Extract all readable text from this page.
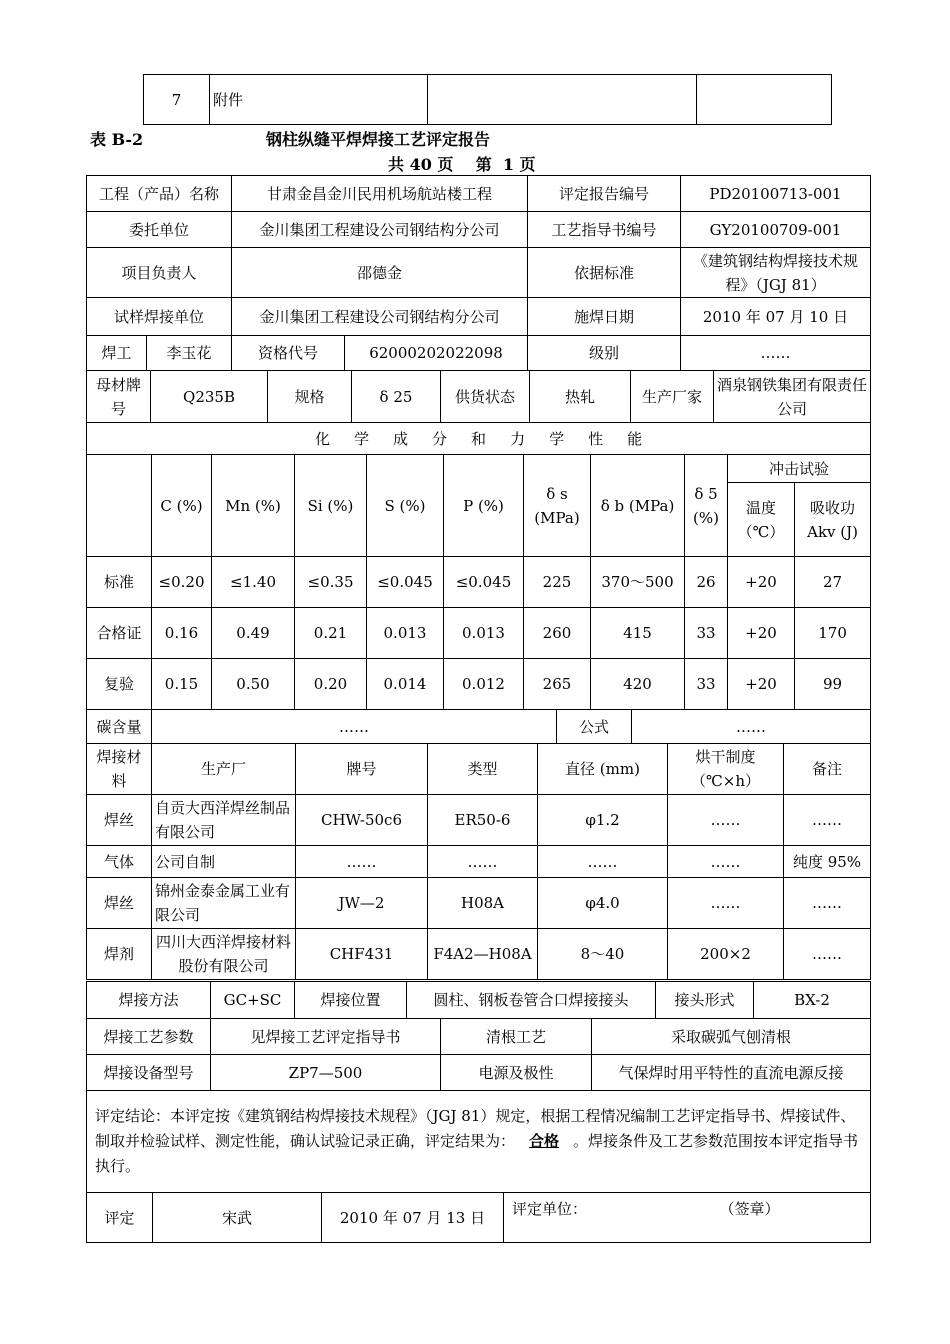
7	附件		
表 B-2	钢柱纵缝平焊焊接工艺评定报告
共 40 页    第  1 页
工程（产品）名称	甘肃金昌金川民用机场航站楼工程	评定报告编号	PD20100713-001
委托单位	金川集团工程建设公司钢结构分公司	工艺指导书编号	GY20100709-001
项目负责人	邵德金	依据标准	《建筑钢结构焊接技术规程》（JGJ 81）
试样焊接单位	金川集团工程建设公司钢结构分公司	施焊日期	2010 年 07 月 10 日
焊工	李玉花	资格代号	62000202022098	级别	……
母材牌号	Q235B	规格	δ 25	供货状态	热轧	生产厂家	酒泉钢铁集团有限责任公司
化 学 成 分 和 力 学 性 能										
	C (%)	Mn (%)	Si (%)	S (%)	P (%)	δ s (MPa)	δ b (MPa)	δ 5 (%)	冲击试验	
									温度（℃）	吸收功 Akv (J)
标准	≤0.20	≤1.40	≤0.35	≤0.045	≤0.045	225	370～500	26	+20	27
合格证	0.16	0.49	0.21	0.013	0.013	260	415	33	+20	170
复验	0.15	0.50	0.20	0.014	0.012	265	420	33	+20	99
碳含量	……	公式	……
焊接材料	生产厂	牌号	类型	直径 (mm)	烘干制度（℃×h）	备注
焊丝	自贡大西洋焊丝制品有限公司	CHW-50c6	ER50-6	φ1.2	……	……
气体	公司自制	……	……	……	……	纯度 95%
焊丝	锦州金泰金属工业有限公司	JW—2	H08A	φ4.0	……	……
焊剂	四川大西洋焊接材料股份有限公司	CHF431	F4A2—H08A	8～40	200×2	……
焊接方法	GC+SC	焊接位置	圆柱、钢板卷管合口焊接接头	接头形式	BX-2
焊接工艺参数	见焊接工艺评定指导书	清根工艺	采取碳弧气刨清根
焊接设备型号	ZP7—500	电源及极性	气保焊时用平特性的直流电源反接
评定结论：本评定按《建筑钢结构焊接技术规程》（JGJ 81）规定，根据工程情况编制工艺评定指导书、焊接试件、制取并检验试样、测定性能，确认试验记录正确，评定结果为： 合格 。焊接条件及工艺参数范围按本评定指导书执行。
评定	宋武	2010 年 07 月 13 日	评定单位：	（签章）
